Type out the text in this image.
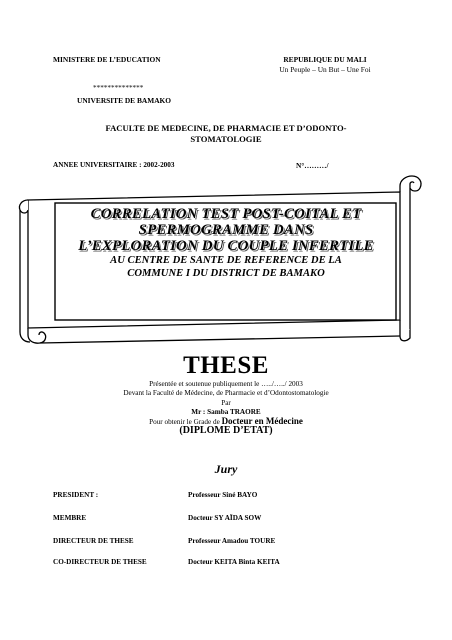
MINISTERE DE L’EDUCATION	REPUBLIQUE DU MALI
Un Peuple – Un But – Une Foi
**************
UNIVERSITE DE BAMAKO
FACULTE DE MEDECINE, DE PHARMACIE ET D’ODONTO-
STOMATOLOGIE
ANNEE UNIVERSITAIRE : 2002-2003	N°………/
CORRELATION TEST POST-COITAL ET
SPERMOGRAMME DANS
L’EXPLORATION DU COUPLE INFERTILE
AU CENTRE DE SANTE DE REFERENCE DE LA
COMMUNE I DU DISTRICT DE BAMAKO
THESE
Présentée et soutenue publiquement le …../…../ 2003
Devant la Faculté de Médecine, de Pharmacie et d’Odontostomatologie
Par
Mr : Samba TRAORE
Pour obtenir le Grade de Docteur en Médecine
(DIPLOME D’ETAT)
Jury
PRESIDENT :	Professeur Siné BAYO
MEMBRE	Docteur SY AÏDA SOW
DIRECTEUR DE THESE	Professeur Amadou TOURE
CO-DIRECTEUR DE THESE	Docteur KEITA Binta KEITA
